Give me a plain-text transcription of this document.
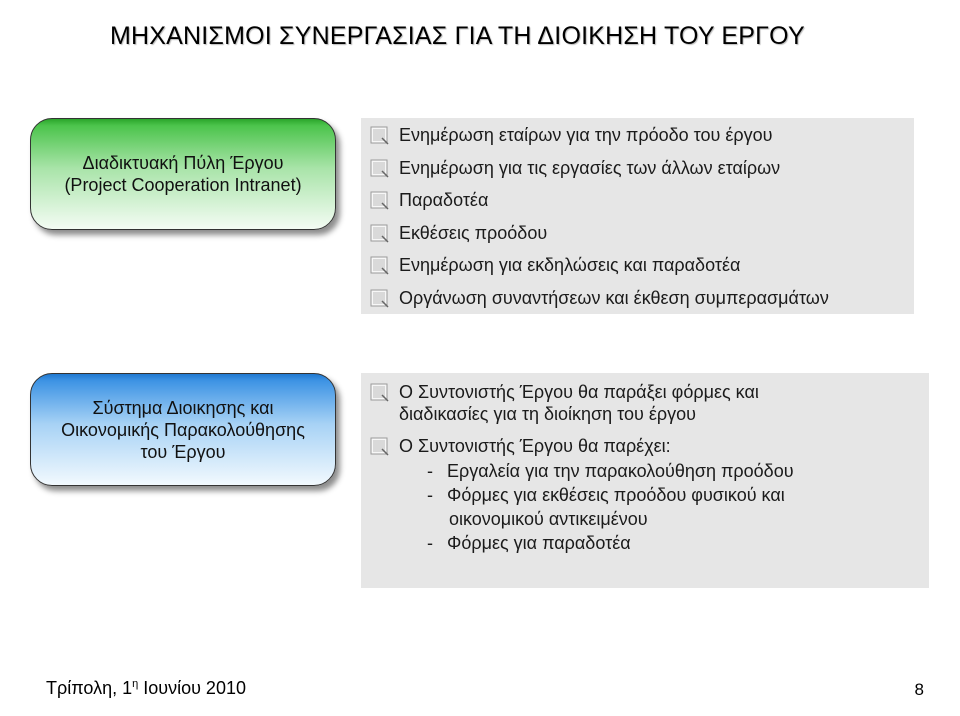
ΜΗΧΑΝΙΣΜΟΙ ΣΥΝΕΡΓΑΣΙΑΣ ΓΙΑ ΤΗ ΔΙΟΙΚΗΣΗ ΤΟΥ ΕΡΓΟΥ
Διαδικτυακή Πύλη Έργου
(Project Cooperation Intranet)
Ενημέρωση εταίρων για την πρόοδο του έργου
Ενημέρωση για τις εργασίες των άλλων εταίρων
Παραδοτέα
Εκθέσεις προόδου
Ενημέρωση για εκδηλώσεις και παραδοτέα
Οργάνωση συναντήσεων και έκθεση συμπερασμάτων
Σύστημα Διοικησης και
Οικονομικής Παρακολούθησης
του Έργου
Ο Συντονιστής Έργου θα παράξει φόρμες και
διαδικασίες για τη διοίκηση του έργου
Ο Συντονιστής Έργου θα παρέχει:
- Εργαλεία για την παρακολούθηση προόδου
- Φόρμες για εκθέσεις προόδου φυσικού και
οικονομικού αντικειμένου
- Φόρμες για παραδοτέα
Τρίπολη, $1^\eta$ Ιουνίου 2010	8
